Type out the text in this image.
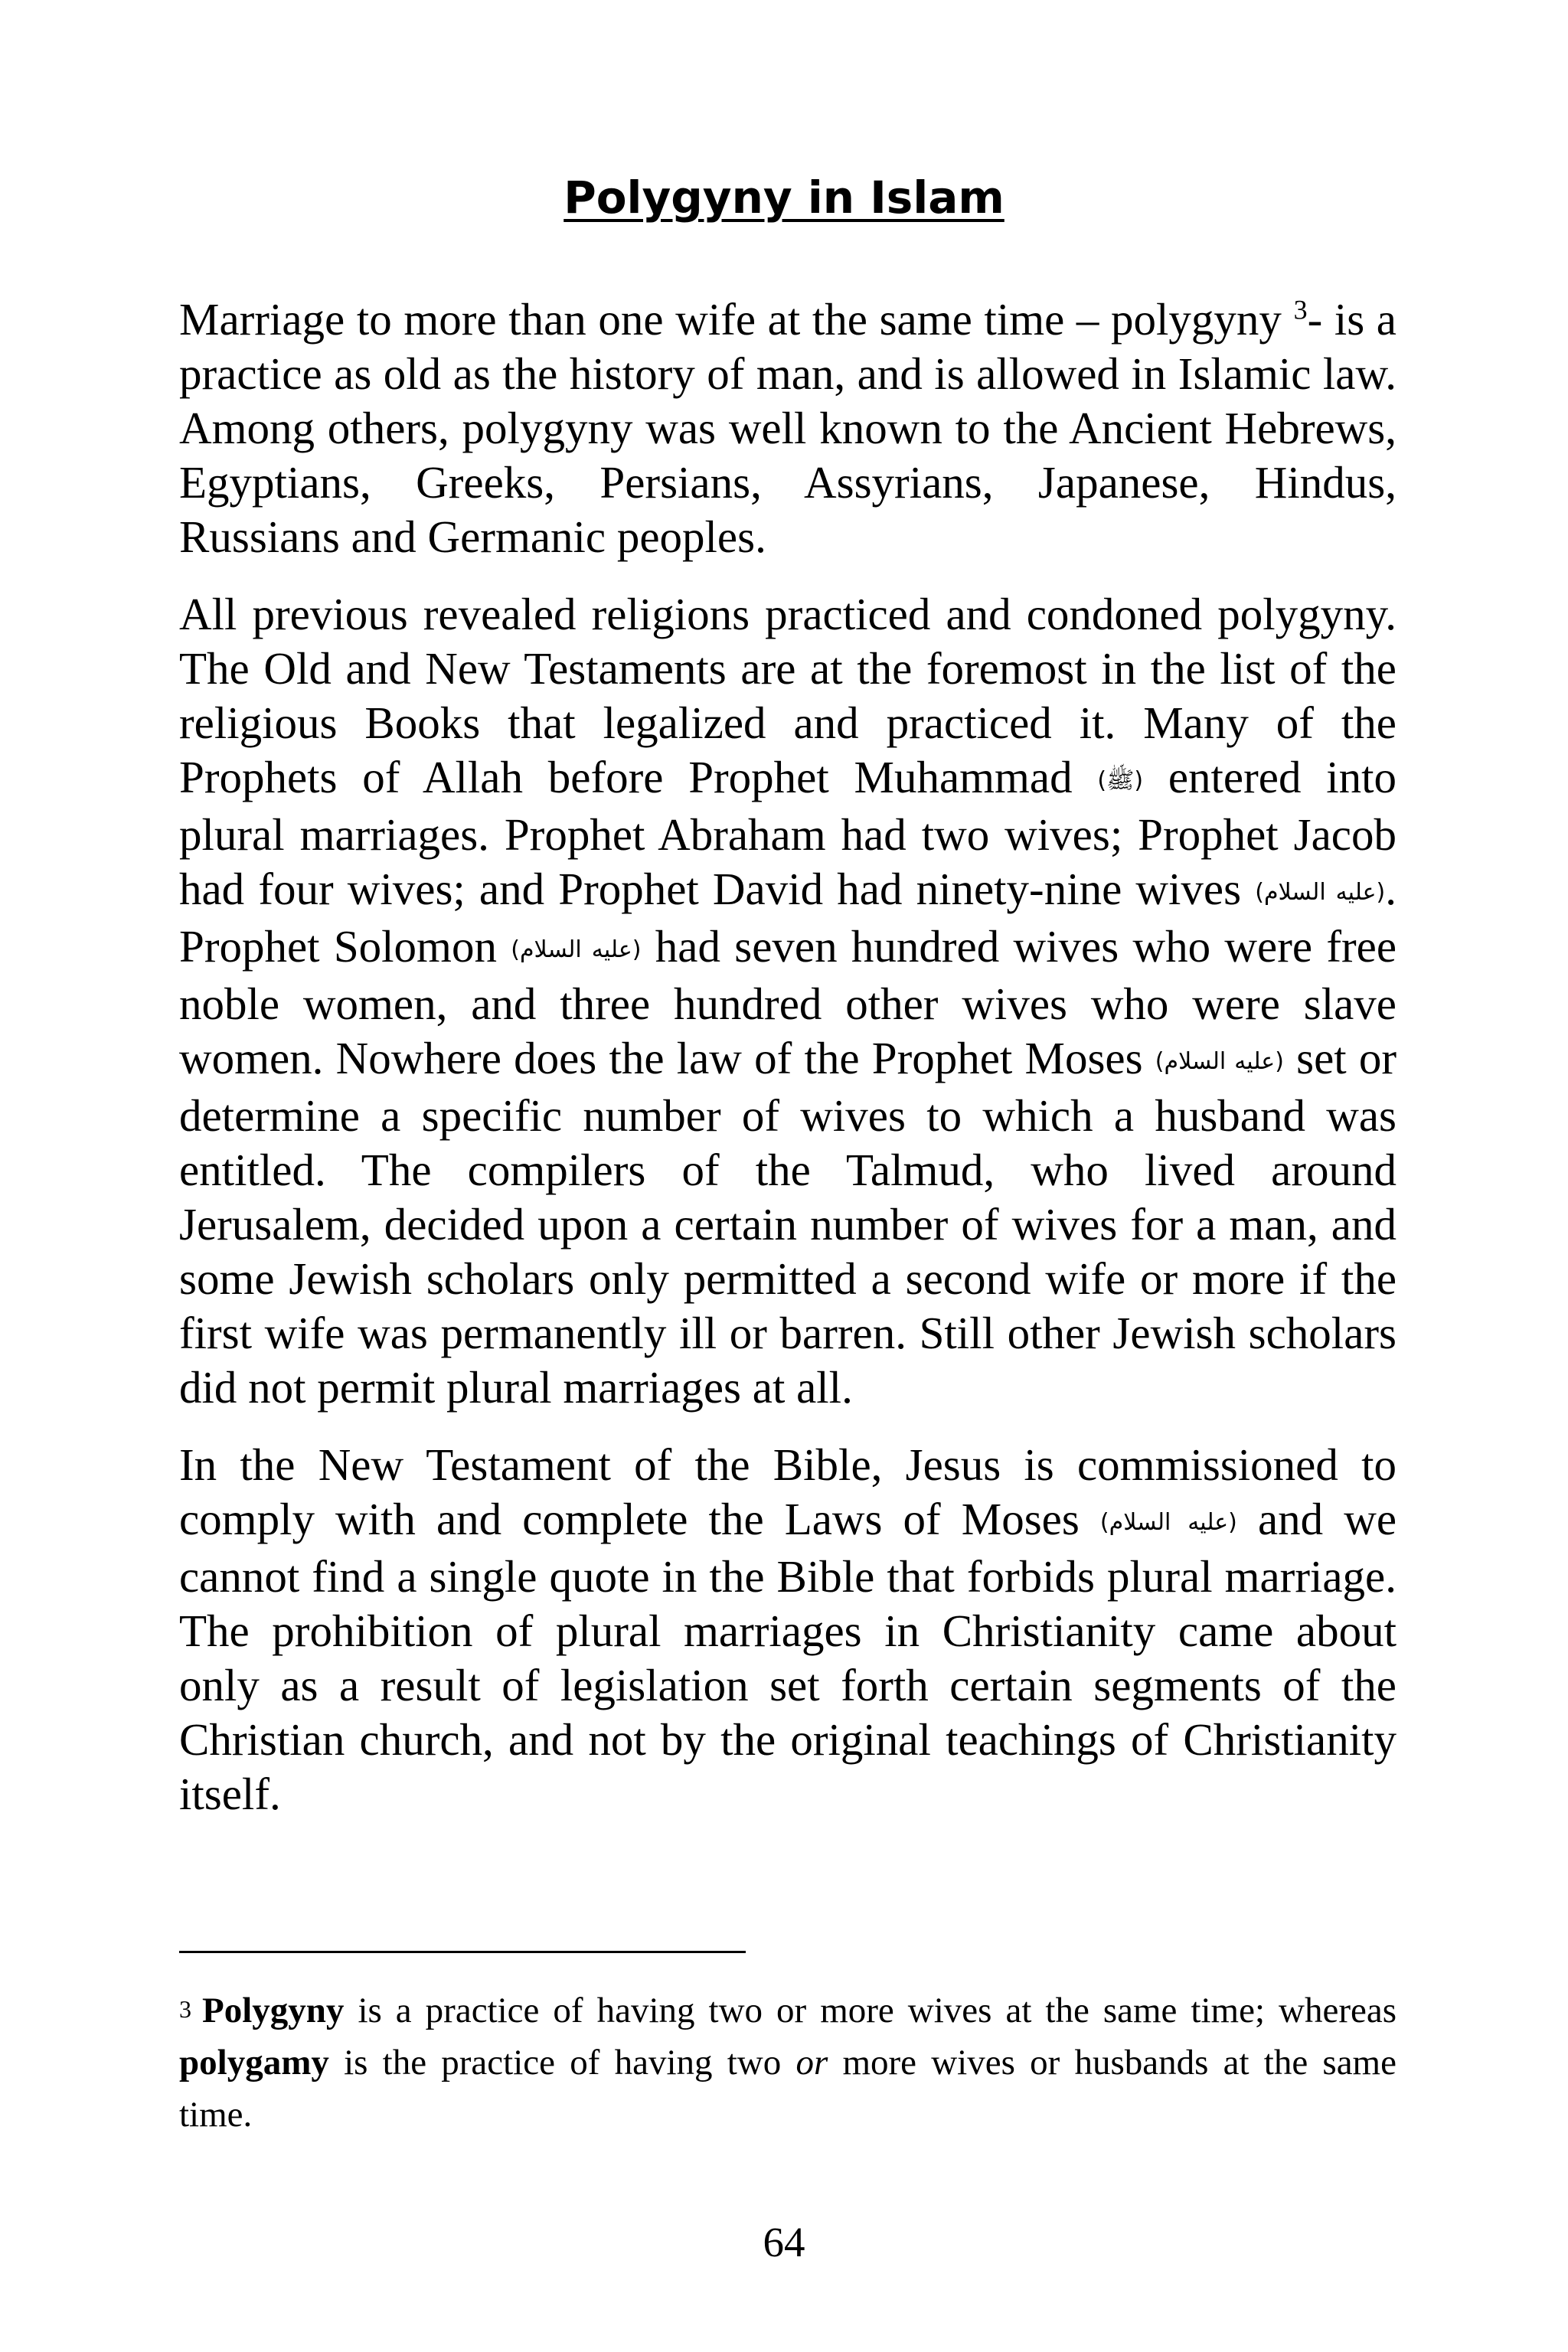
Polygyny in Islam

Marriage to more than one wife at the same time – polygyny $^3$- is a practice as old as the history of man, and is allowed in Islamic law. Among others, polygyny was well known to the Ancient Hebrews, Egyptians, Greeks, Persians, Assyrians, Japanese, Hindus, Russians and Germanic peoples.

All previous revealed religions practiced and condoned polygyny. The Old and New Testaments are at the foremost in the list of the religious Books that legalized and practiced it. Many of the Prophets of Allah before Prophet Muhammad (ﷺ) entered into plural marriages. Prophet Abraham had two wives; Prophet Jacob had four wives; and Prophet David had ninety-nine wives (عليه السلام). Prophet Solomon (عليه السلام) had seven hundred wives who were free noble women, and three hundred other wives who were slave women. Nowhere does the law of the Prophet Moses (عليه السلام) set or determine a specific number of wives to which a husband was entitled. The compilers of the Talmud, who lived around Jerusalem, decided upon a certain number of wives for a man, and some Jewish scholars only permitted a second wife or more if the first wife was permanently ill or barren. Still other Jewish scholars did not permit plural marriages at all.

In the New Testament of the Bible, Jesus is commissioned to comply with and complete the Laws of Moses (عليه السلام) and we cannot find a single quote in the Bible that forbids plural marriage. The prohibition of plural marriages in Christianity came about only as a result of legislation set forth certain segments of the Christian church, and not by the original teachings of Christianity itself.

3 Polygyny is a practice of having two or more wives at the same time; whereas polygamy is the practice of having two or more wives or husbands at the same time.

64
